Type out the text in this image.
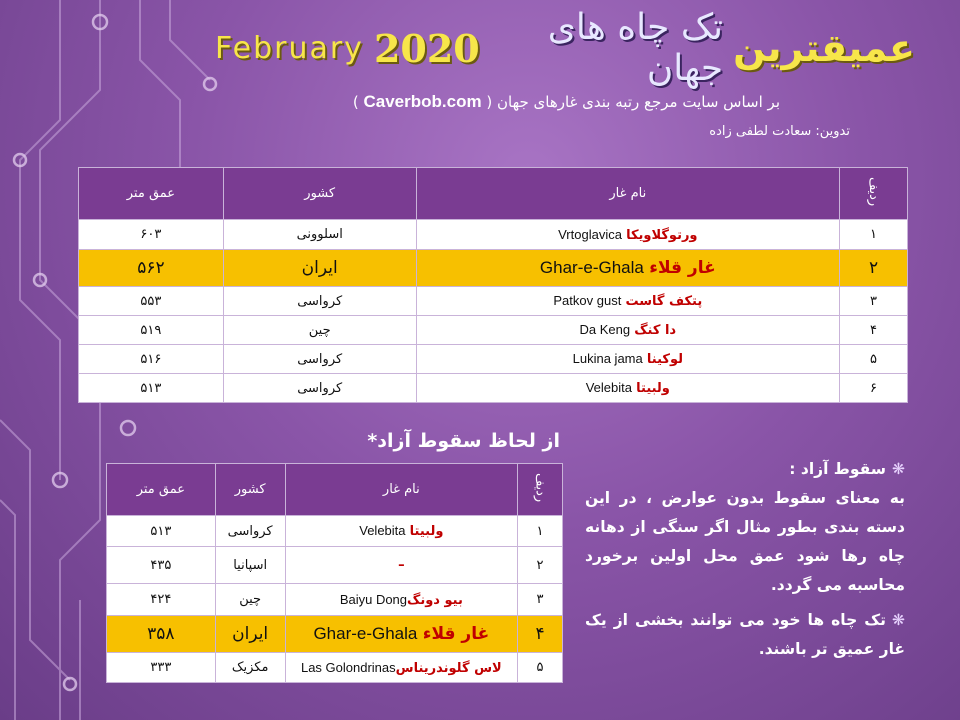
February 2020	تک چاه های جهان عمیقترین
بر اساس سایت مرجع رتبه بندی غارهای جهان ( Caverbob.com )
تدوین: سعادت لطفی زاده
عمق متر	کشور	نام غار	ردیف
۶۰۳	اسلوونی	Vrtoglavica ورتوگلاویکا	۱
۵۶۲	ایران	Ghar-e-Ghala غار قلاء	۲
۵۵۳	کرواسی	Patkov gust پتکف گاست	۳
۵۱۹	چین	Da Keng دا کنگ	۴
۵۱۶	کرواسی	Lukina jama لوکینا	۵
۵۱۳	کرواسی	Velebita ولبیتا	۶
از لحاظ سقوط آزاد*
عمق متر	کشور	نام غار	ردیف
۵۱۳	کرواسی	Velebita ولبیتا	۱
۴۳۵	اسپانیا	–	۲
۴۲۴	چین	Baiyu Dongبیو دونگ	۳
۳۵۸	ایران	Ghar-e-Ghala غار قلاء	۴
۳۳۳	مکزیک	Las Golondrinasلاس گلوندریناس	۵

❋سقوط آزاد :
به معنای سقوط بدون عوارض ، در این دسته بندی بطور مثال اگر سنگی از دهانه چاه رها شود عمق محل اولین برخورد محاسبه می گردد.

❋تک چاه ها خود می توانند بخشی از یک غار عمیق تر باشند.
